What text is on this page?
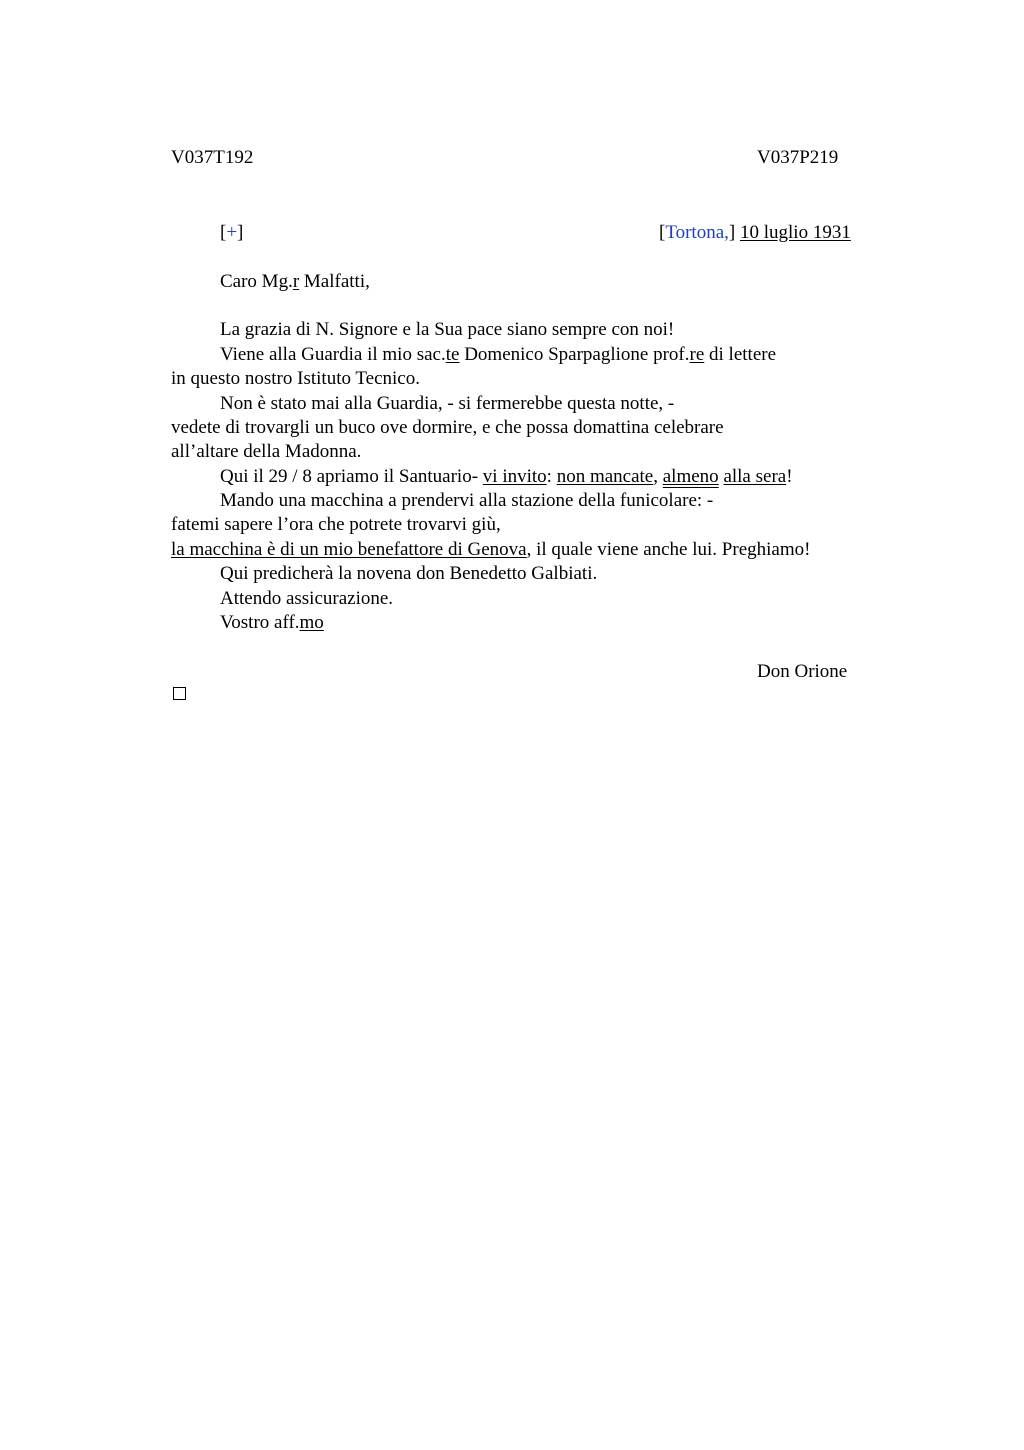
V037T192	V037P219
[+]	[Tortona,] 10 luglio 1931
Caro Mg.r Malfatti,
La grazia di N. Signore e la Sua pace siano sempre con noi!
Viene alla Guardia il mio sac.te Domenico Sparpaglione prof.re di lettere
in questo nostro Istituto Tecnico.
Non è stato mai alla Guardia, - si fermerebbe questa notte, -
vedete di trovargli un buco ove dormire, e che possa domattina celebrare
all’altare della Madonna.
Qui il 29 / 8 apriamo il Santuario- vi invito: non mancate, almeno alla sera!
Mando una macchina a prendervi alla stazione della funicolare: -
fatemi sapere l’ora che potrete trovarvi giù,
la macchina è di un mio benefattore di Genova, il quale viene anche lui. Preghiamo!
Qui predicherà la novena don Benedetto Galbiati.
Attendo assicurazione.
Vostro aff.mo
Don Orione
